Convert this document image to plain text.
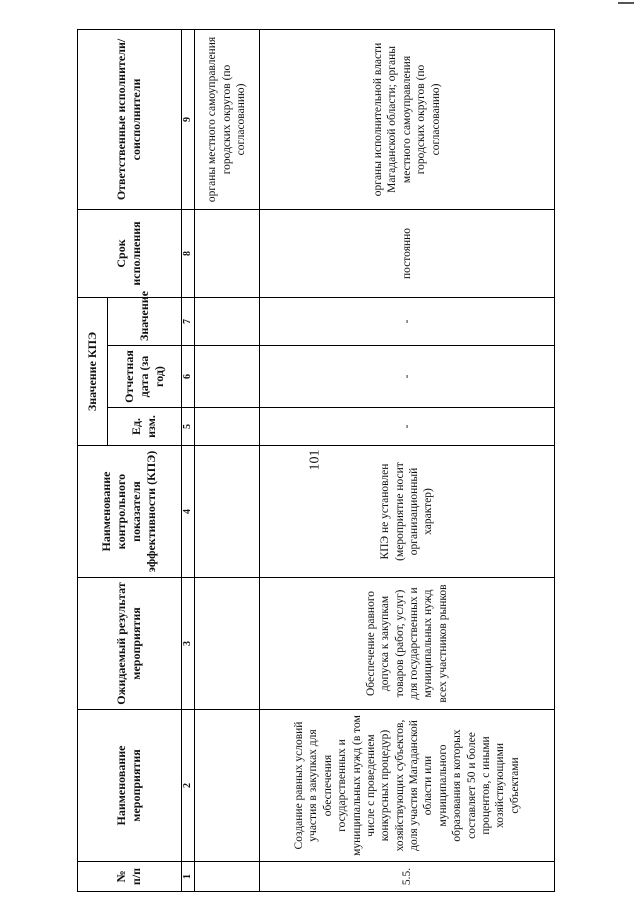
101
№ п/п	Наименование мероприятия	Ожидаемый результат мероприятия	Наименование контрольного показателя эффективности (КПЭ)	Значение КПЭ			Срок исполнения	Ответственные исполнители/ соисполнители
				Ед. изм.	Отчетная дата (за год)	Значение		
1	2	3	4	5	6	7	8	9
								органы местного самоуправления городских округов (по согласованию)
5.5.	Создание равных условий участия в закупках для обеспечения государственных и муниципальных нужд (в том числе с проведением конкурсных процедур) хозяйствующих субъектов, доля участия Магаданской области или муниципального образования в которых составляет 50 и более процентов, с иными хозяйствующими субъектами	Обеспечение равного допуска к закупкам товаров (работ, услуг) для государственных и муниципальных нужд всех участников рынков	КПЭ не установлен (мероприятие носит организационный характер)	-	-	-	постоянно	органы исполнительной власти Магаданской области; органы местного самоуправления городских округов (по согласованию)
